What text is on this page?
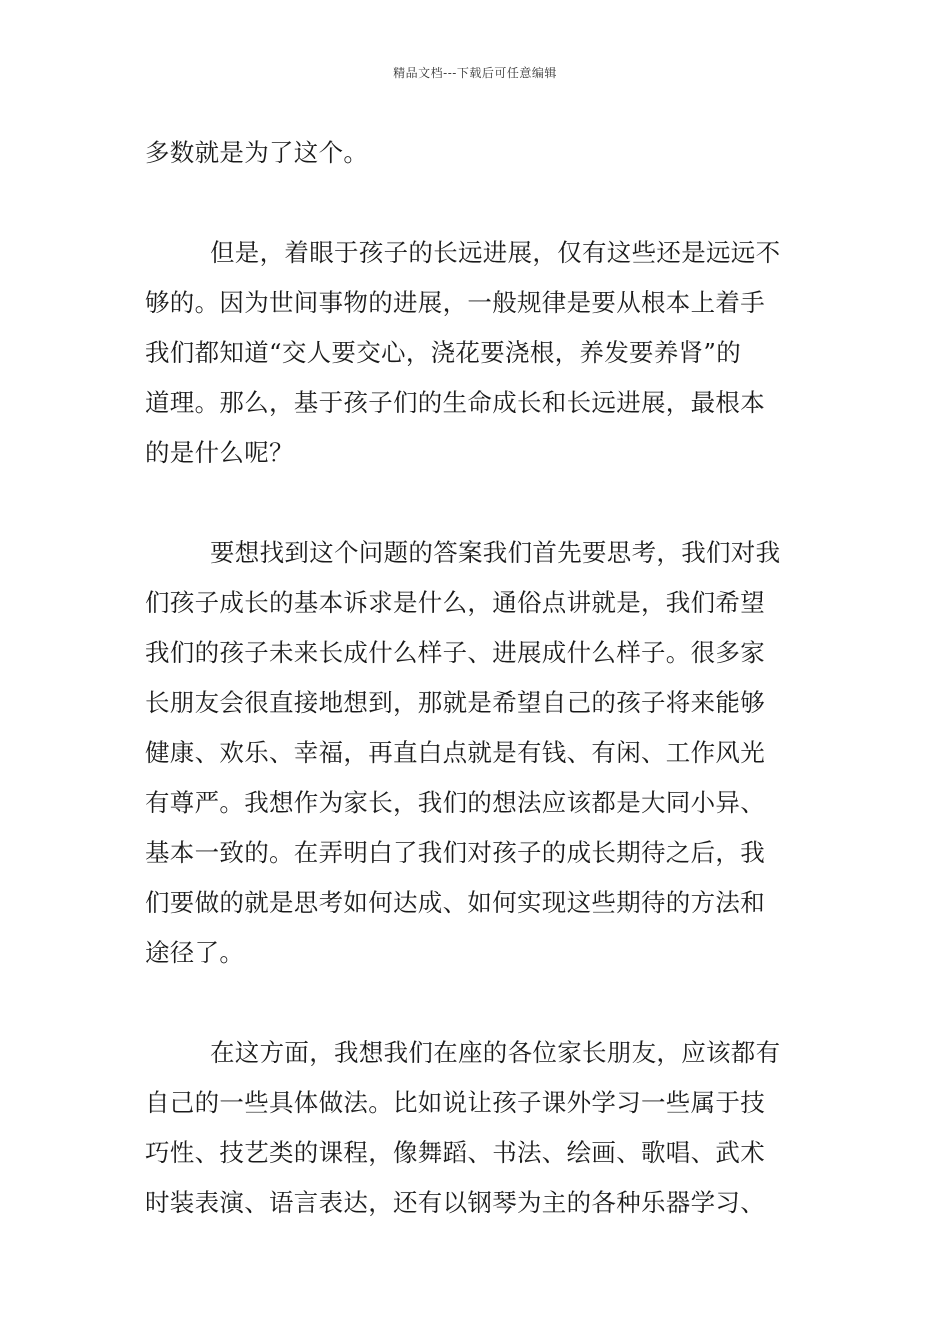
精品文档---下载后可任意编辑
多数就是为了这个。
但是，着眼于孩子的长远进展，仅有这些还是远远不
够的。因为世间事物的进展，一般规律是要从根本上着手
我们都知道“交人要交心，浇花要浇根，养发要养肾”的
道理。那么，基于孩子们的生命成长和长远进展，最根本
的是什么呢？
要想找到这个问题的答案我们首先要思考，我们对我
们孩子成长的基本诉求是什么，通俗点讲就是，我们希望
我们的孩子未来长成什么样子、进展成什么样子。很多家
长朋友会很直接地想到，那就是希望自己的孩子将来能够
健康、欢乐、幸福，再直白点就是有钱、有闲、工作风光
有尊严。我想作为家长，我们的想法应该都是大同小异、
基本一致的。在弄明白了我们对孩子的成长期待之后，我
们要做的就是思考如何达成、如何实现这些期待的方法和
途径了。
在这方面，我想我们在座的各位家长朋友，应该都有
自己的一些具体做法。比如说让孩子课外学习一些属于技
巧性、技艺类的课程，像舞蹈、书法、绘画、歌唱、武术
时装表演、语言表达，还有以钢琴为主的各种乐器学习、
